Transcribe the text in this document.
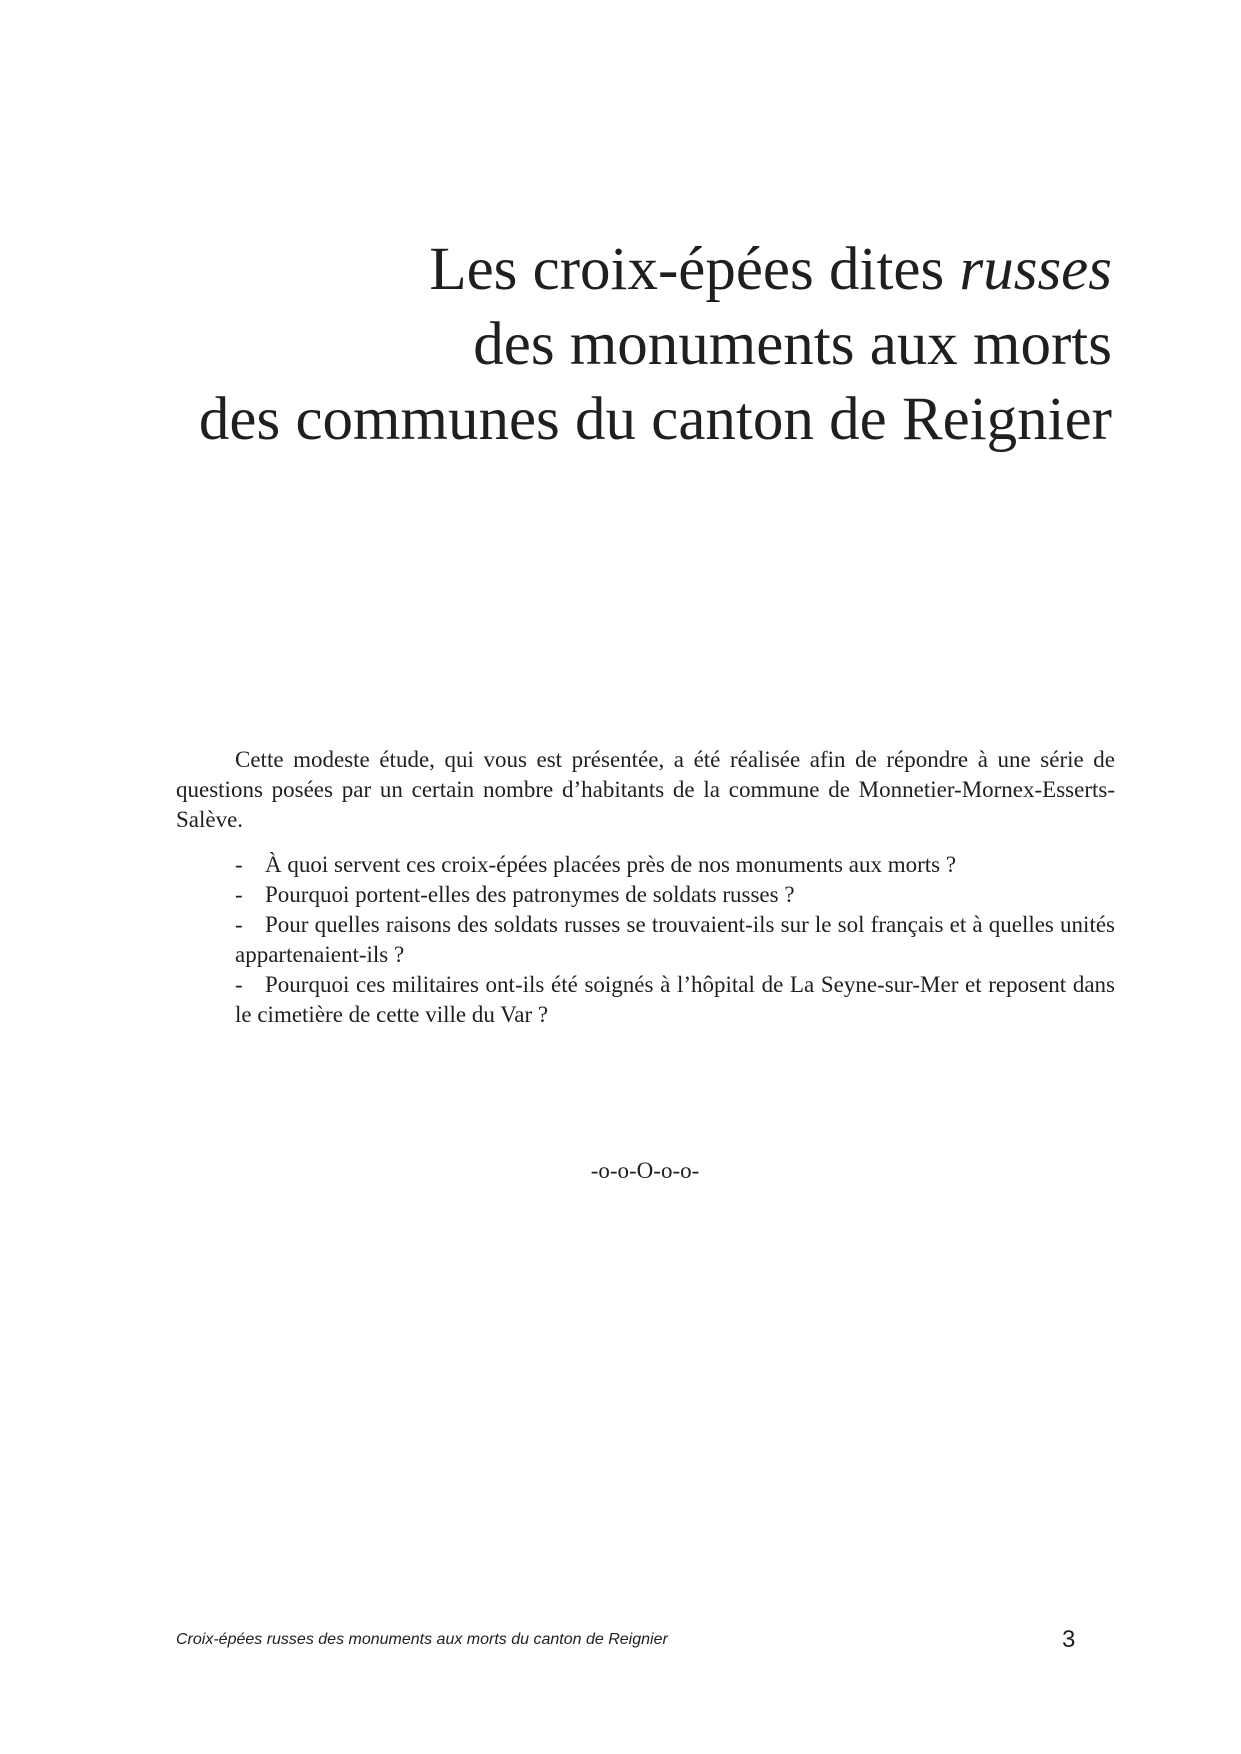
Les croix-épées dites russes
des monuments aux morts
des communes du canton de Reignier

Cette modeste étude, qui vous est présentée, a été réalisée afin de répondre à une série de questions posées par un certain nombre d’habitants de la commune de Monnetier-Mornex-Esserts-Salève.

- À quoi servent ces croix-épées placées près de nos monuments aux morts ?
- Pourquoi portent-elles des patronymes de soldats russes ?
- Pour quelles raisons des soldats russes se trouvaient-ils sur le sol français et à quelles unités appartenaient-ils ?
- Pourquoi ces militaires ont-ils été soignés à l’hôpital de La Seyne-sur-Mer et reposent dans le cimetière de cette ville du Var ?

-o-o-O-o-o-

Croix-épées russes des monuments aux morts du canton de Reignier	3
